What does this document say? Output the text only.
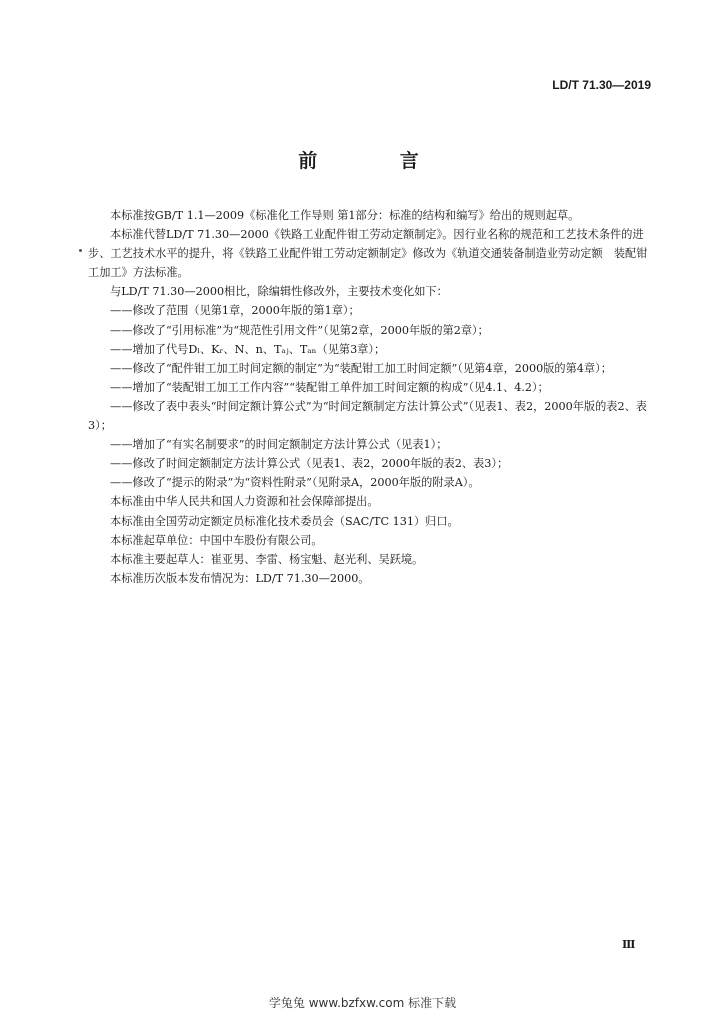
LD/T 71.30—2019
前 言

本标准按GB/T 1.1—2009《标准化工作导则 第1部分：标准的结构和编写》给出的规则起草。

本标准代替LD/T 71.30—2000《铁路工业配件钳工劳动定额制定》。因行业名称的规范和工艺技术条件的进步、工艺技术水平的提升，将《铁路工业配件钳工劳动定额制定》修改为《轨道交通装备制造业劳动定额　装配钳工加工》方法标准。

与LD/T 71.30—2000相比，除编辑性修改外，主要技术变化如下：

——修改了范围（见第1章，2000年版的第1章）；

——修改了“引用标准”为“规范性引用文件”（见第2章，2000年版的第2章）；

——增加了代号Dₗ、Kᵣ、N、n、Tₐⱼ、Tₐₙ（见第3章）；

——修改了“配件钳工加工时间定额的制定”为“装配钳工加工时间定额”（见第4章，2000版的第4章）；

——增加了“装配钳工加工工作内容”“装配钳工单件加工时间定额的构成”（见4.1、4.2）；

——修改了表中表头“时间定额计算公式”为“时间定额制定方法计算公式”（见表1、表2，2000年版的表2、表3）；

——增加了“有实名制要求”的时间定额制定方法计算公式（见表1）；

——修改了时间定额制定方法计算公式（见表1、表2，2000年版的表2、表3）；

——修改了“提示的附录”为“资料性附录”（见附录A，2000年版的附录A）。

本标准由中华人民共和国人力资源和社会保障部提出。

本标准由全国劳动定额定员标准化技术委员会（SAC/TC 131）归口。

本标准起草单位：中国中车股份有限公司。

本标准主要起草人：崔亚男、李雷、杨宝魁、赵光利、吴跃境。

本标准历次版本发布情况为：LD/T 71.30—2000。

Ⅲ
学兔兔 www.bzfxw.com 标准下载
